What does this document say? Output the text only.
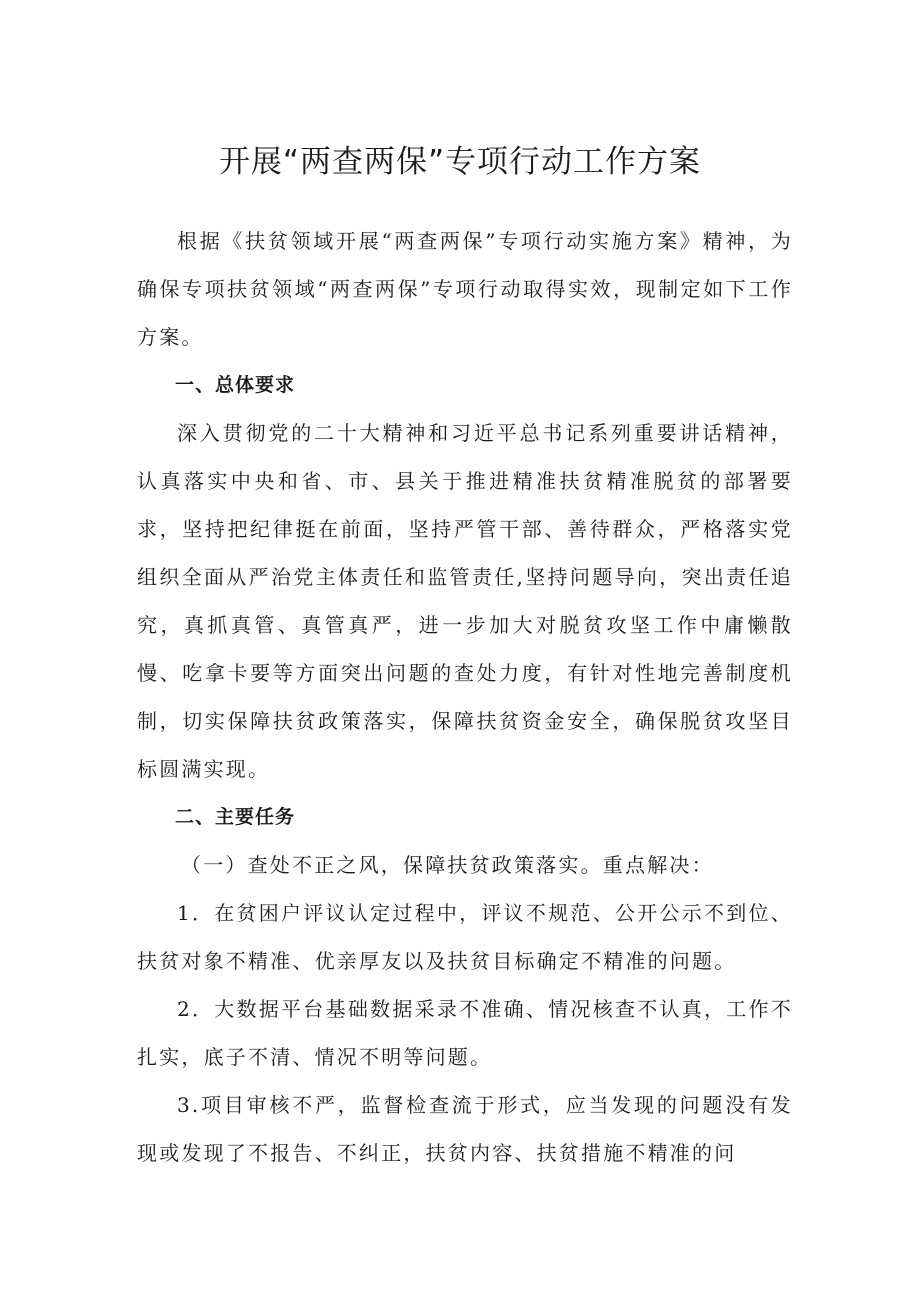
开展“两查两保”专项行动工作方案

根据《扶贫领域开展“两查两保”专项行动实施方案》精神，为确保专项扶贫领域“两查两保”专项行动取得实效，现制定如下工作方案。

一、总体要求

深入贯彻党的二十大精神和习近平总书记系列重要讲话精神，认真落实中央和省、市、县关于推进精准扶贫精准脱贫的部署要求，坚持把纪律挺在前面，坚持严管干部、善待群众，严格落实党组织全面从严治党主体责任和监管责任,坚持问题导向，突出责任追究，真抓真管、真管真严，进一步加大对脱贫攻坚工作中庸懒散慢、吃拿卡要等方面突出问题的查处力度，有针对性地完善制度机制，切实保障扶贫政策落实，保障扶贫资金安全，确保脱贫攻坚目标圆满实现。

二、主要任务

（一）查处不正之风，保障扶贫政策落实。重点解决：

1．在贫困户评议认定过程中，评议不规范、公开公示不到位、扶贫对象不精准、优亲厚友以及扶贫目标确定不精准的问题。

2．大数据平台基础数据采录不准确、情况核查不认真，工作不扎实，底子不清、情况不明等问题。

3.项目审核不严，监督检查流于形式，应当发现的问题没有发现或发现了不报告、不纠正，扶贫内容、扶贫措施不精准的问
